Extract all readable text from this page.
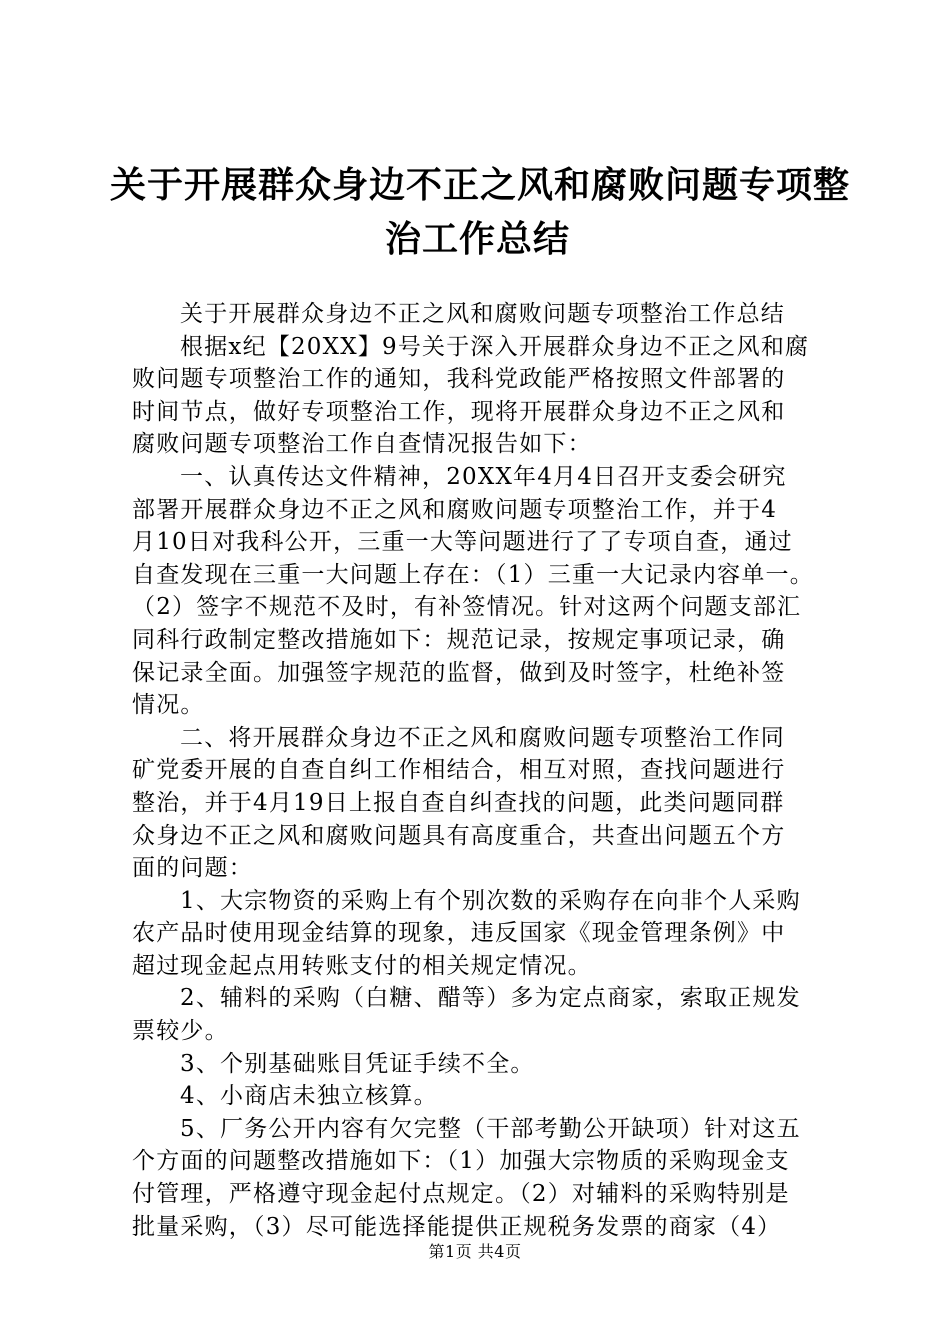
关于开展群众身边不正之风和腐败问题专项整
治工作总结
关于开展群众身边不正之风和腐败问题专项整治工作总结
根据x纪【20XX】9号关于深入开展群众身边不正之风和腐
败问题专项整治工作的通知，我科党政能严格按照文件部署的
时间节点，做好专项整治工作，现将开展群众身边不正之风和
腐败问题专项整治工作自查情况报告如下：
一、认真传达文件精神，20XX年4月4日召开支委会研究
部署开展群众身边不正之风和腐败问题专项整治工作，并于4
月10日对我科公开，三重一大等问题进行了了专项自查，通过
自查发现在三重一大问题上存在：（1）三重一大记录内容单一。
（2）签字不规范不及时，有补签情况。针对这两个问题支部汇
同科行政制定整改措施如下：规范记录，按规定事项记录，确
保记录全面。加强签字规范的监督，做到及时签字，杜绝补签
情况。
二、将开展群众身边不正之风和腐败问题专项整治工作同
矿党委开展的自查自纠工作相结合，相互对照，查找问题进行
整治，并于4月19日上报自查自纠查找的问题，此类问题同群
众身边不正之风和腐败问题具有高度重合，共查出问题五个方
面的问题：
1、大宗物资的采购上有个别次数的采购存在向非个人采购
农产品时使用现金结算的现象，违反国家《现金管理条例》中
超过现金起点用转账支付的相关规定情况。
2、辅料的采购（白糖、醋等）多为定点商家，索取正规发
票较少。
3、个别基础账目凭证手续不全。
4、小商店未独立核算。
5、厂务公开内容有欠完整（干部考勤公开缺项）针对这五
个方面的问题整改措施如下：（1）加强大宗物质的采购现金支
付管理，严格遵守现金起付点规定。（2）对辅料的采购特别是
批量采购，（3）尽可能选择能提供正规税务发票的商家（4）
第1页 共4页
